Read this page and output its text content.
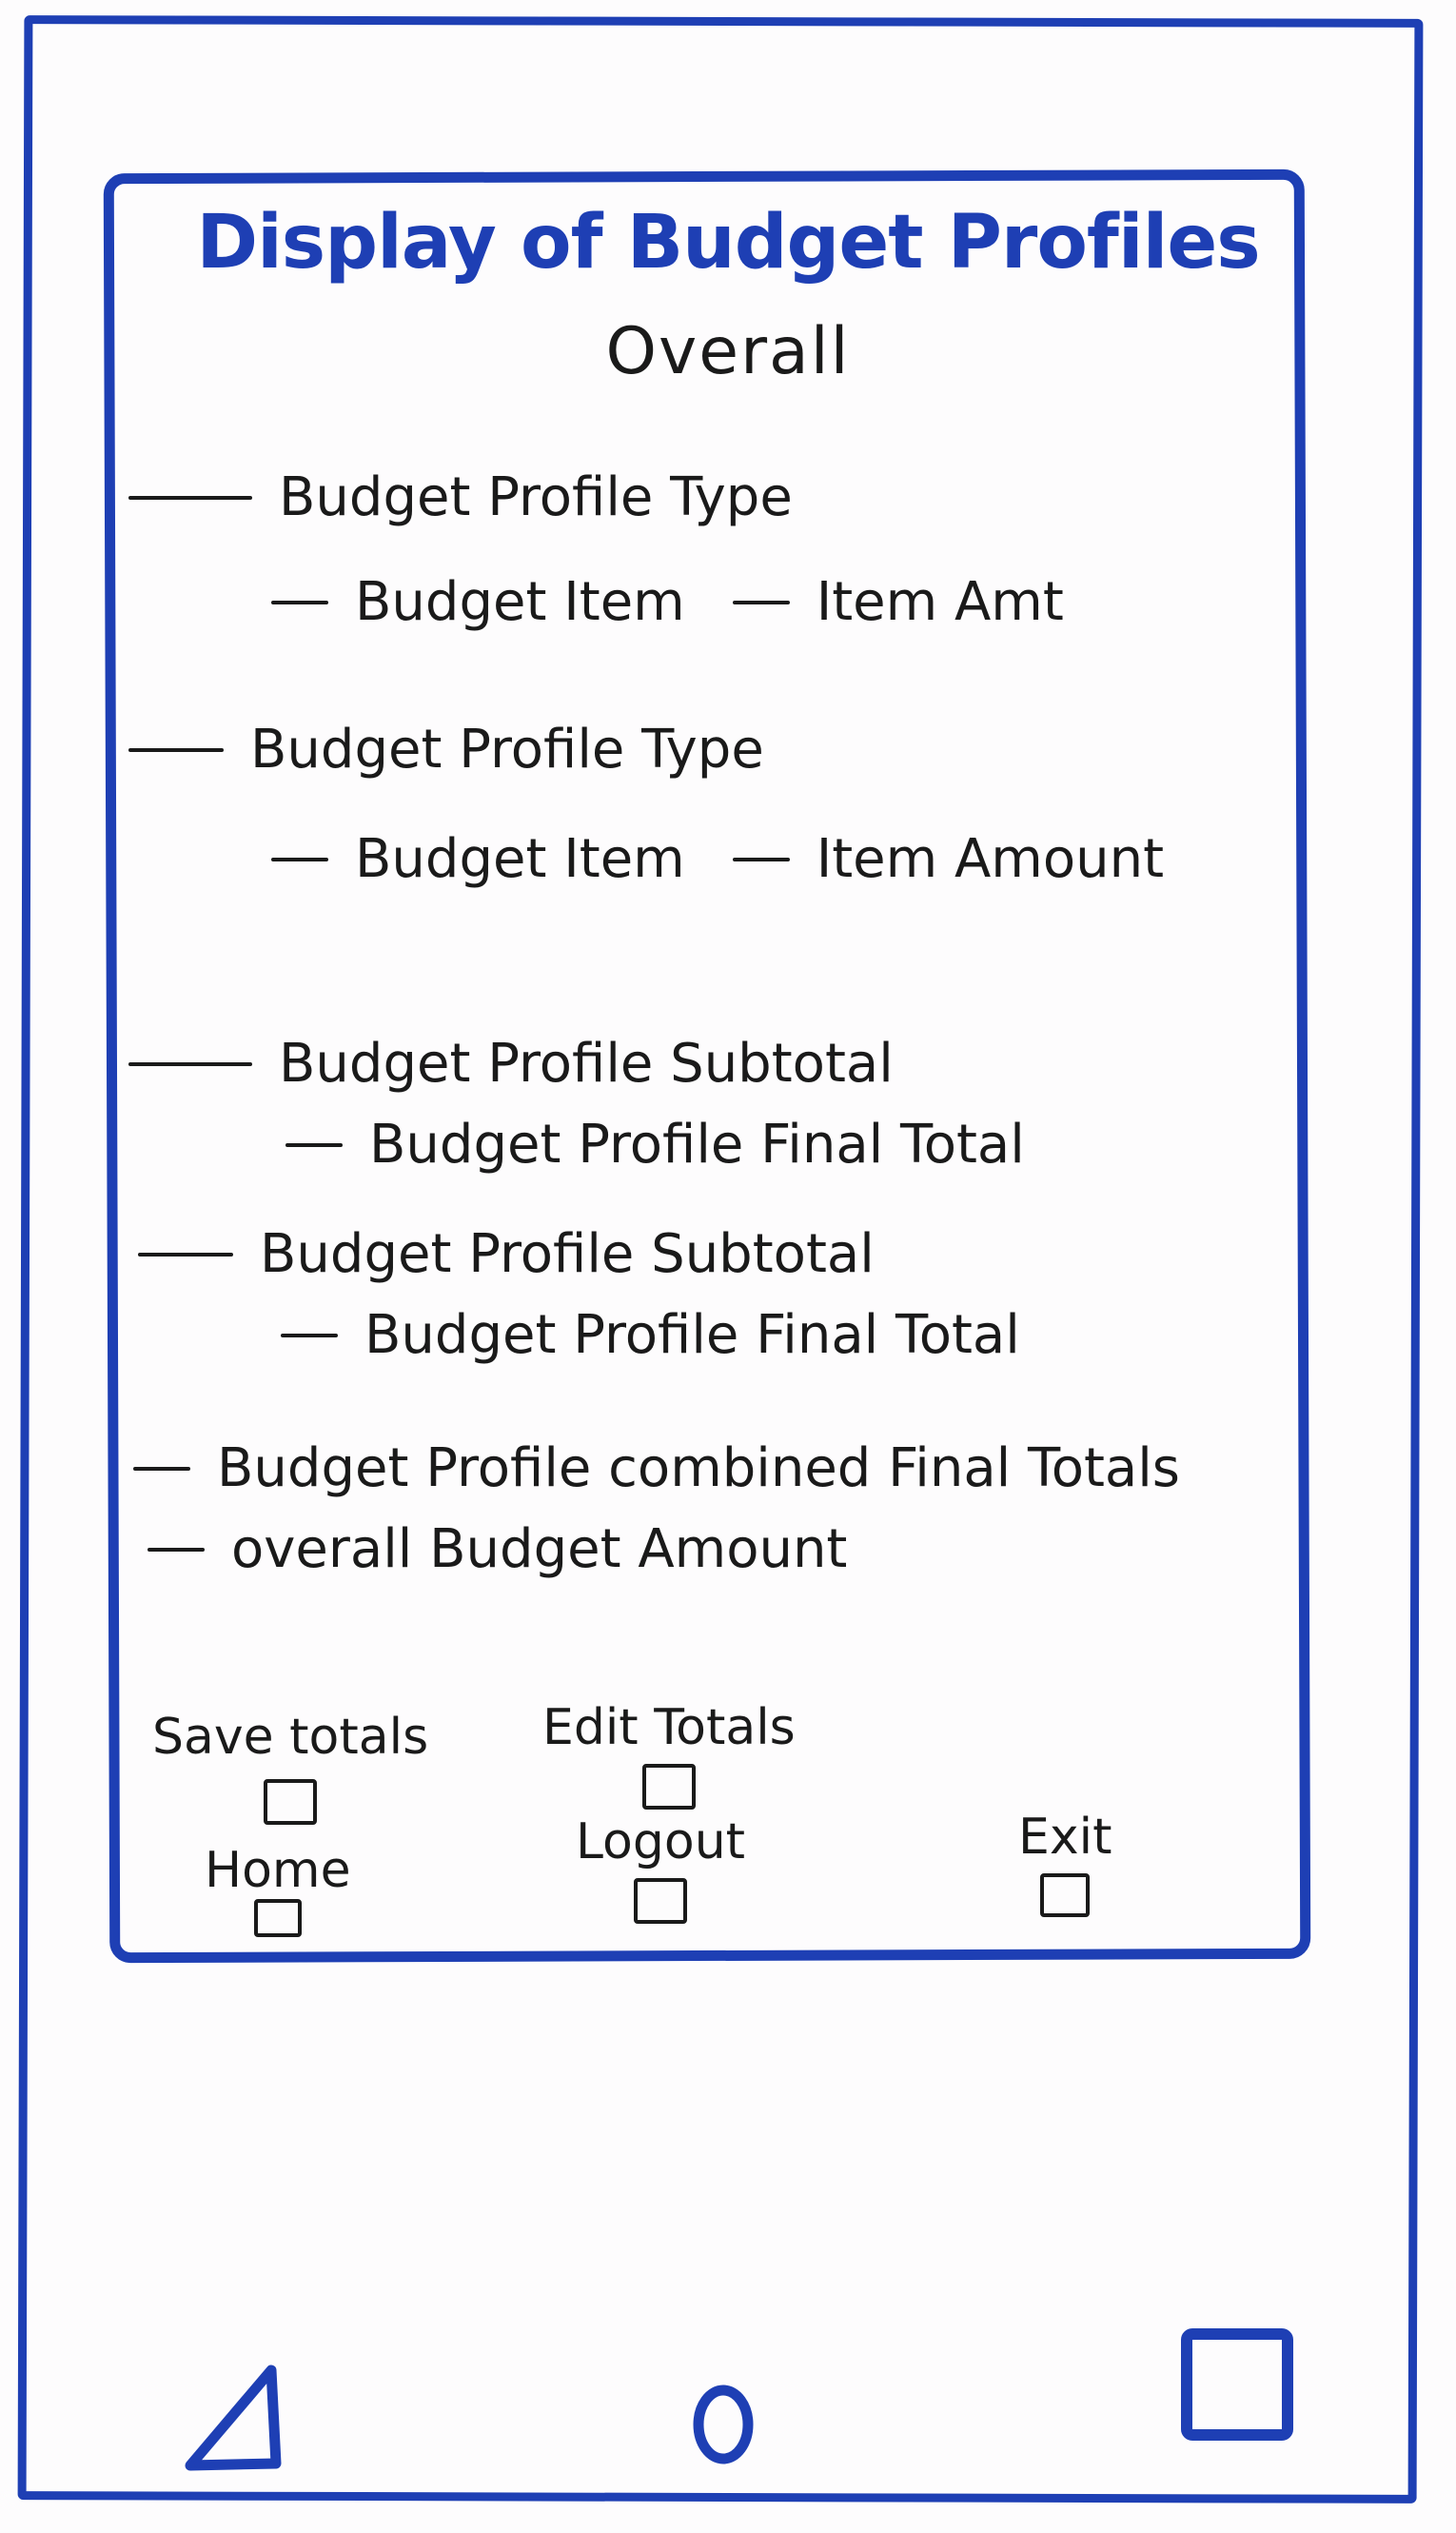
Display of Budget Profiles
Overall
Budget Profile Type
Budget Item Item Amt
Budget Profile Type
Budget Item Item Amount
Budget Profile Subtotal
Budget Profile Final Total
Budget Profile Subtotal
Budget Profile Final Total
Budget Profile combined Final Totals
overall Budget Amount
Save totals Edit Totals
Home	Logout	Exit
